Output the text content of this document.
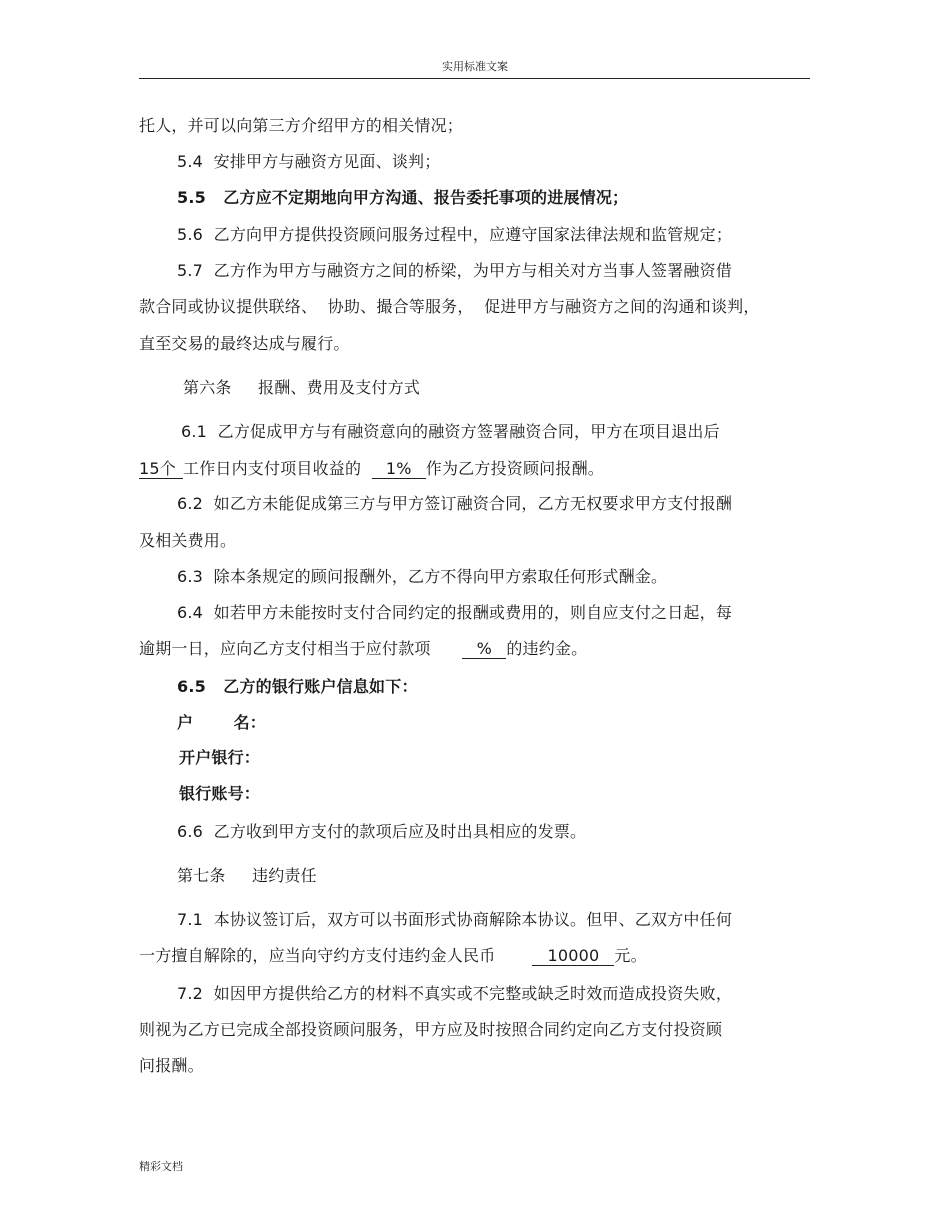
实用标准文案
托人，并可以向第三方介绍甲方的相关情况；
5.4  安排甲方与融资方见面、谈判；
5.5   乙方应不定期地向甲方沟通、报告委托事项的进展情况；
5.6  乙方向甲方提供投资顾问服务过程中，应遵守国家法律法规和监管规定；
5.7  乙方作为甲方与融资方之间的桥梁，为甲方与相关对方当事人签署融资借
款合同或协议提供联络、  协助、撮合等服务，  促进甲方与融资方之间的沟通和谈判，
直至交易的最终达成与履行。
第六条     报酬、费用及支付方式
6.1  乙方促成甲方与有融资意向的融资方签署融资合同，甲方在项目退出后
15个 工作日内支付项目收益的 1% 作为乙方投资顾问报酬。
6.2  如乙方未能促成第三方与甲方签订融资合同，乙方无权要求甲方支付报酬
及相关费用。
6.3  除本条规定的顾问报酬外，乙方不得向甲方索取任何形式酬金。
6.4  如若甲方未能按时支付合同约定的报酬或费用的，则自应支付之日起，每
逾期一日，应向乙方支付相当于应付款项	% 的违约金。
6.5   乙方的银行账户信息如下：
户       名：
开户银行：
银行账号：
6.6  乙方收到甲方支付的款项后应及时出具相应的发票。
第七条     违约责任
7.1  本协议签订后，双方可以书面形式协商解除本协议。但甲、乙双方中任何
一方擅自解除的，应当向守约方支付违约金人民币	10000 元。
7.2  如因甲方提供给乙方的材料不真实或不完整或缺乏时效而造成投资失败，
则视为乙方已完成全部投资顾问服务，甲方应及时按照合同约定向乙方支付投资顾
问报酬。
精彩文档
